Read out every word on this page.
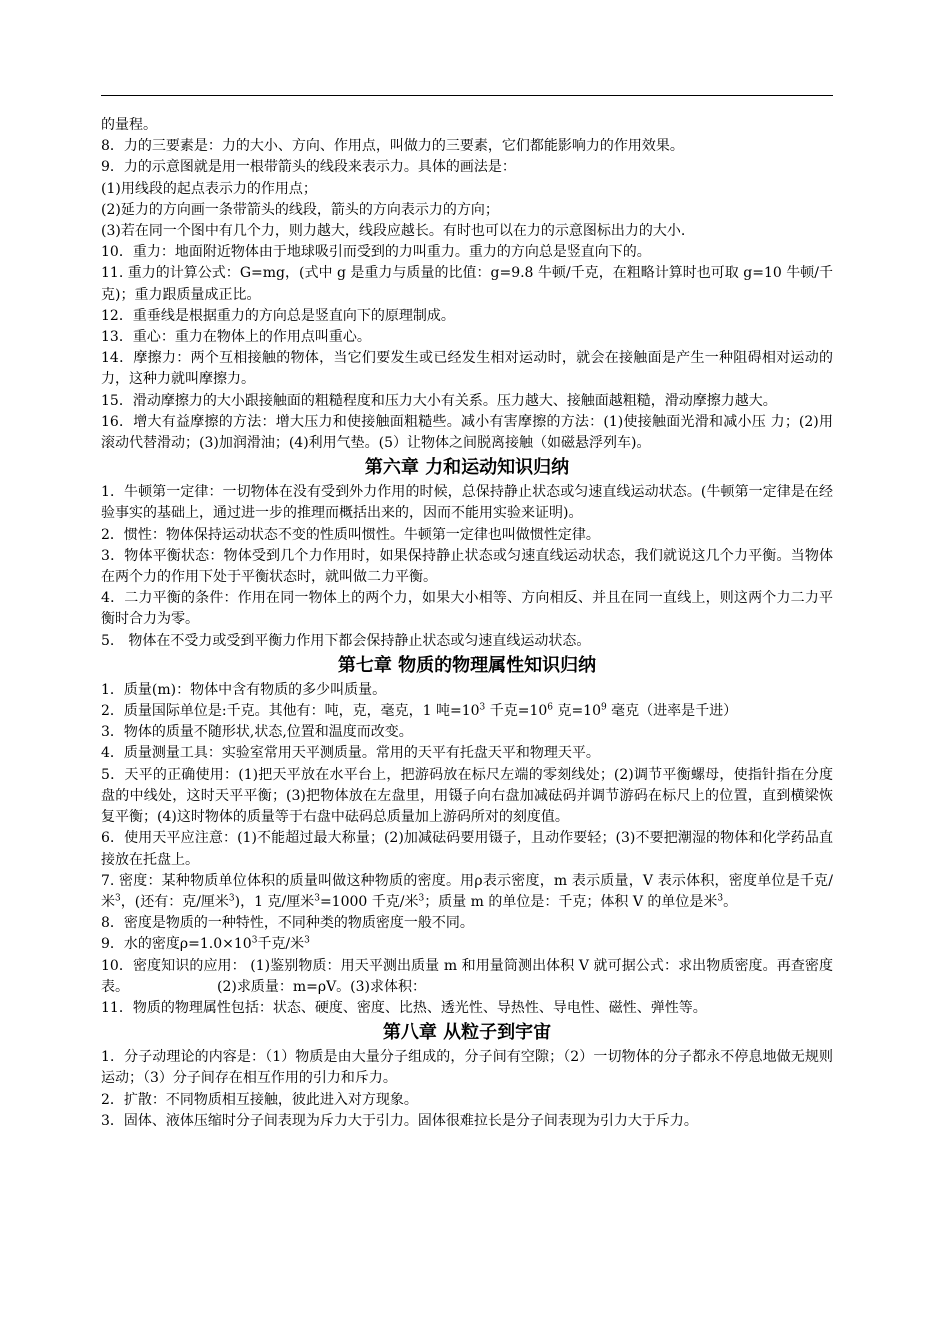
的量程。

8．力的三要素是：力的大小、方向、作用点，叫做力的三要素，它们都能影响力的作用效果。

9．力的示意图就是用一根带箭头的线段来表示力。具体的画法是：

(1)用线段的起点表示力的作用点；

(2)延力的方向画一条带箭头的线段，箭头的方向表示力的方向；

(3)若在同一个图中有几个力，则力越大，线段应越长。有时也可以在力的示意图标出力的大小.

10．重力：地面附近物体由于地球吸引而受到的力叫重力。重力的方向总是竖直向下的。

11. 重力的计算公式：G=mg，(式中 g 是重力与质量的比值：g=9.8 牛顿/千克，在粗略计算时也可取 g=10 牛顿/千克)；重力跟质量成正比。

12．重垂线是根据重力的方向总是竖直向下的原理制成。

13．重心：重力在物体上的作用点叫重心。

14．摩擦力：两个互相接触的物体，当它们要发生或已经发生相对运动时，就会在接触面是产生一种阻碍相对运动的力，这种力就叫摩擦力。

15．滑动摩擦力的大小跟接触面的粗糙程度和压力大小有关系。压力越大、接触面越粗糙，滑动摩擦力越大。

16．增大有益摩擦的方法：增大压力和使接触面粗糙些。减小有害摩擦的方法：(1)使接触面光滑和减小压 力；(2)用滚动代替滑动；(3)加润滑油；(4)利用气垫。(5）让物体之间脱离接触（如磁悬浮列车)。

第六章 力和运动知识归纳

1．牛顿第一定律：一切物体在没有受到外力作用的时候，总保持静止状态或匀速直线运动状态。(牛顿第一定律是在经验事实的基础上，通过进一步的推理而概括出来的，因而不能用实验来证明)。

2．惯性：物体保持运动状态不变的性质叫惯性。牛顿第一定律也叫做惯性定律。

3．物体平衡状态：物体受到几个力作用时，如果保持静止状态或匀速直线运动状态，我们就说这几个力平衡。当物体在两个力的作用下处于平衡状态时，就叫做二力平衡。

4．二力平衡的条件：作用在同一物体上的两个力，如果大小相等、方向相反、并且在同一直线上，则这两个力二力平衡时合力为零。

5.　物体在不受力或受到平衡力作用下都会保持静止状态或匀速直线运动状态。

第七章 物质的物理属性知识归纳

1．质量(m)：物体中含有物质的多少叫质量。

2．质量国际单位是:千克。其他有：吨，克，毫克，1 吨$=10^3$ 千克$=10^6$ 克$=10^9$ 毫克（进率是千进）

3．物体的质量不随形状,状态,位置和温度而改变。

4．质量测量工具：实验室常用天平测质量。常用的天平有托盘天平和物理天平。

5．天平的正确使用：(1)把天平放在水平台上，把游码放在标尺左端的零刻线处；(2)调节平衡螺母，使指针指在分度盘的中线处，这时天平平衡；(3)把物体放在左盘里，用镊子向右盘加减砝码并调节游码在标尺上的位置，直到横梁恢复平衡；(4)这时物体的质量等于右盘中砝码总质量加上游码所对的刻度值。

6．使用天平应注意：(1)不能超过最大称量；(2)加减砝码要用镊子，且动作要轻；(3)不要把潮湿的物体和化学药品直接放在托盘上。

7. 密度：某种物质单位体积的质量叫做这种物质的密度。用ρ表示密度，m 表示质量，V 表示体积，密度单位是千克/米$^3$，(还有：克/厘米$^3$)，1 克/厘米$^3$=1000 千克/米$^3$；质量 m 的单位是：千克；体积 V 的单位是米$^3$。

8．密度是物质的一种特性，不同种类的物质密度一般不同。

9．水的密度$\rho=1.0\times 10^3$千克/米$^3$

10．密度知识的应用： (1)鉴别物质：用天平测出质量 m 和用量筒测出体积 V 就可据公式：求出物质密度。再查密度表。	(2)求质量：m=ρV。(3)求体积：

11．物质的物理属性包括：状态、硬度、密度、比热、透光性、导热性、导电性、磁性、弹性等。

第八章 从粒子到宇宙

1．分子动理论的内容是：（1）物质是由大量分子组成的，分子间有空隙；（2）一切物体的分子都永不停息地做无规则运动；（3）分子间存在相互作用的引力和斥力。

2．扩散：不同物质相互接触，彼此进入对方现象。

3．固体、液体压缩时分子间表现为斥力大于引力。固体很难拉长是分子间表现为引力大于斥力。
